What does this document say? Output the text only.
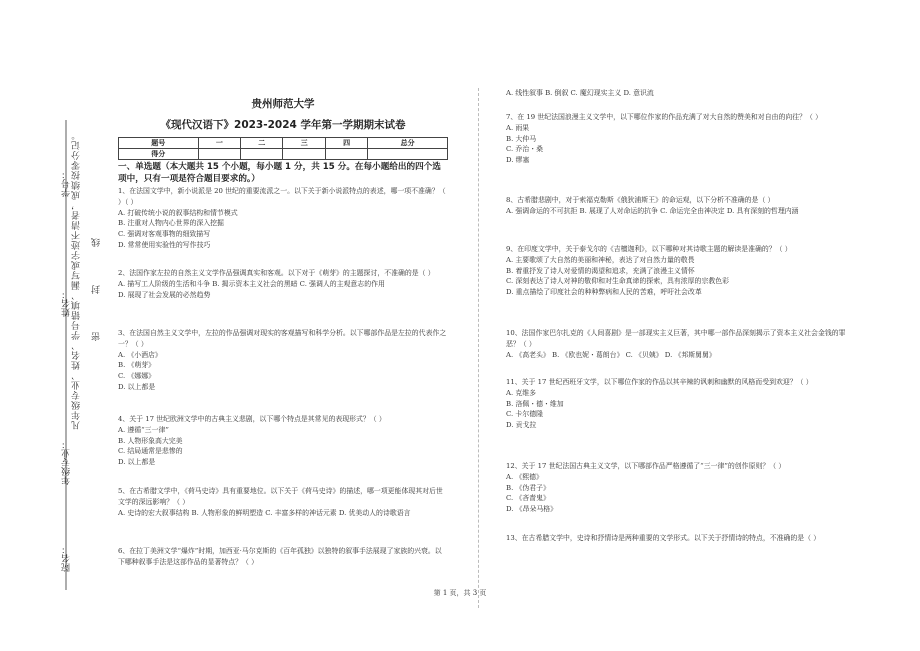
凡年级专业、姓名、学号错填、漏写或字迹不清者，成绩按零分记。	密封线
学号：
姓名：
年级专业：
院名：
贵州师范大学
《现代汉语下》2023-2024 学年第一学期期末试卷
题号	一	二	三	四	总分
得分					
一、单选题（本大题共 15 个小题，每小题 1 分，共 15 分。在每小题给出的四个选项中，只有一项是符合题目要求的。）

1、在法国文学中，新小说派是 20 世纪的重要流派之一。以下关于新小说派特点的表述，哪一项不准确？（ ）（ ）

A. 打破传统小说的叙事结构和情节模式

B. 注重对人物内心世界的深入挖掘

C. 强调对客观事物的细致描写

D. 常常使用实验性的写作技巧

2、法国作家左拉的自然主义文学作品强调真实和客观。以下对于《萌芽》的主题探讨，不准确的是（ ）

A. 描写工人阶级的生活和斗争 B. 揭示资本主义社会的黑暗 C. 强调人的主观意志的作用

D. 展现了社会发展的必然趋势

3、在法国自然主义文学中，左拉的作品强调对现实的客观描写和科学分析。以下哪部作品是左拉的代表作之一？（ ）

A. 《小酒店》

B. 《萌芽》

C. 《娜娜》

D. 以上都是

4、关于 17 世纪欧洲文学中的古典主义悲剧，以下哪个特点是其常见的表现形式？（ ）

A. 遵循“三一律”

B. 人物形象高大完美

C. 结局通常是悲惨的

D. 以上都是

5、在古希腊文学中，《荷马史诗》具有重要地位。以下关于《荷马史诗》的描述，哪一项更能体现其对后世文学的深远影响？（ ）

A. 史诗的宏大叙事结构 B. 人物形象的鲜明塑造 C. 丰富多样的神话元素 D. 优美动人的诗歌语言

6、在拉丁美洲文学“爆炸”时期，加西亚·马尔克斯的《百年孤独》以独特的叙事手法展现了家族的兴衰。以下哪种叙事手法是这部作品的显著特点？（ ）

A. 线性叙事 B. 倒叙 C. 魔幻现实主义 D. 意识流

7、在 19 世纪法国浪漫主义文学中，以下哪位作家的作品充满了对大自然的赞美和对自由的向往？（ ）

A. 雨果

B. 大仲马

C. 乔治・桑

D. 缪塞

8、古希腊悲剧中，对于索福克勒斯《俄狄浦斯王》的命运观，以下分析不准确的是（ ）

A. 强调命运的不可抗拒 B. 展现了人对命运的抗争 C. 命运完全由神决定 D. 具有深刻的哲理内涵

9、在印度文学中，关于泰戈尔的《吉檀迦利》，以下哪种对其诗歌主题的解读是准确的？（ ）

A. 主要歌颂了大自然的美丽和神秘，表达了对自然力量的敬畏

B. 着重抒发了诗人对爱情的渴望和追求，充满了浪漫主义情怀

C. 深刻表达了诗人对神的敬仰和对生命真谛的探索，具有浓厚的宗教色彩

D. 重点描绘了印度社会的种种弊病和人民的苦难，呼吁社会改革

10、法国作家巴尔扎克的《人间喜剧》是一部现实主义巨著，其中哪一部作品深刻揭示了资本主义社会金钱的罪恶？（ ）

A. 《高老头》 B. 《欧也妮・葛朗台》 C. 《贝姨》 D. 《邦斯舅舅》

11、关于 17 世纪西班牙文学，以下哪位作家的作品以其辛辣的讽刺和幽默的风格而受到欢迎？（ ）

A. 克维多

B. 洛佩・德・维加

C. 卡尔德隆

D. 贡戈拉

12、关于 17 世纪法国古典主义文学，以下哪部作品严格遵循了“三一律”的创作原则？（ ）

A. 《熙德》

B. 《伪君子》

C. 《吝啬鬼》

D. 《昂朵马格》

13、在古希腊文学中，史诗和抒情诗是两种重要的文学形式。以下关于抒情诗的特点，不准确的是（ ）

第 1 页，共 3 页
